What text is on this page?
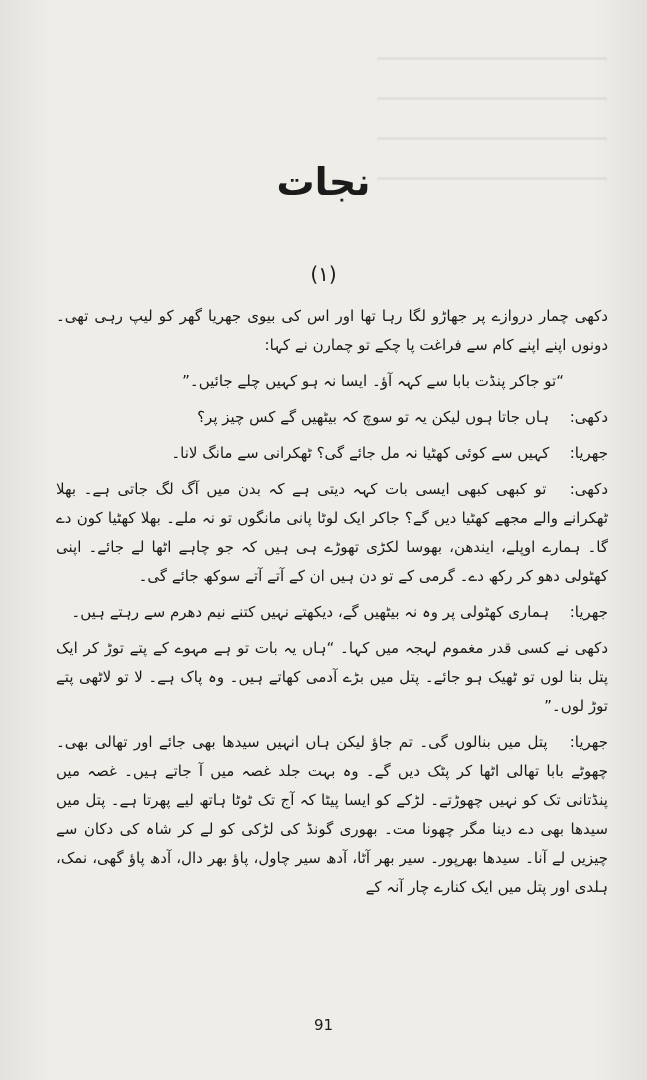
نجات
(۱)

دکھی چمار دروازے پر جھاڑو لگا رہا تھا اور اس کی بیوی جھریا گھر کو لیپ رہی تھی۔ دونوں اپنے اپنے کام سے فراغت پا چکے تو چمارن نے کہا:

“تو جاکر پنڈت بابا سے کہہ آؤ۔ ایسا نہ ہو کہیں چلے جائیں۔”

دکھی: ہاں جاتا ہوں لیکن یہ تو سوچ کہ بیٹھیں گے کس چیز پر؟

جھریا: کہیں سے کوئی کھٹیا نہ مل جائے گی؟ ٹھکرانی سے مانگ لانا۔

دکھی: تو کبھی کبھی ایسی بات کہہ دیتی ہے کہ بدن میں آگ لگ جاتی ہے۔ بھلا ٹھکرانے والے مجھے کھٹیا دیں گے؟ جاکر ایک لوٹا پانی مانگوں تو نہ ملے۔ بھلا کھٹیا کون دے گا۔ ہمارے اوپلے، ایندھن، بھوسا لکڑی تھوڑے ہی ہیں کہ جو چاہے اٹھا لے جائے۔ اپنی کھٹولی دھو کر رکھ دے۔ گرمی کے تو دن ہیں ان کے آتے آتے سوکھ جائے گی۔

جھریا: ہماری کھٹولی پر وہ نہ بیٹھیں گے، دیکھتے نہیں کتنے نیم دھرم سے رہتے ہیں۔

دکھی نے کسی قدر مغموم لہجہ میں کہا۔ “ہاں یہ بات تو ہے مہوے کے پتے توڑ کر ایک پتل بنا لوں تو ٹھیک ہو جائے۔ پتل میں بڑے آدمی کھاتے ہیں۔ وہ پاک ہے۔ لا تو لاٹھی پتے توڑ لوں۔”

جھریا: پتل میں بنالوں گی۔ تم جاؤ لیکن ہاں انہیں سیدھا بھی جائے اور تھالی بھی۔ چھوٹے بابا تھالی اٹھا کر پٹک دیں گے۔ وہ بہت جلد غصہ میں آ جاتے ہیں۔ غصہ میں پنڈتانی تک کو نہیں چھوڑتے۔ لڑکے کو ایسا پیٹا کہ آج تک ٹوٹا ہاتھ لیے پھرتا ہے۔ پتل میں سیدھا بھی دے دینا مگر چھونا مت۔ بھوری گونڈ کی لڑکی کو لے کر شاہ کی دکان سے چیزیں لے آنا۔ سیدھا بھرپور۔ سیر بھر آٹا، آدھ سیر چاول، پاؤ بھر دال، آدھ پاؤ گھی، نمک، ہلدی اور پتل میں ایک کنارے چار آنہ کے

91
